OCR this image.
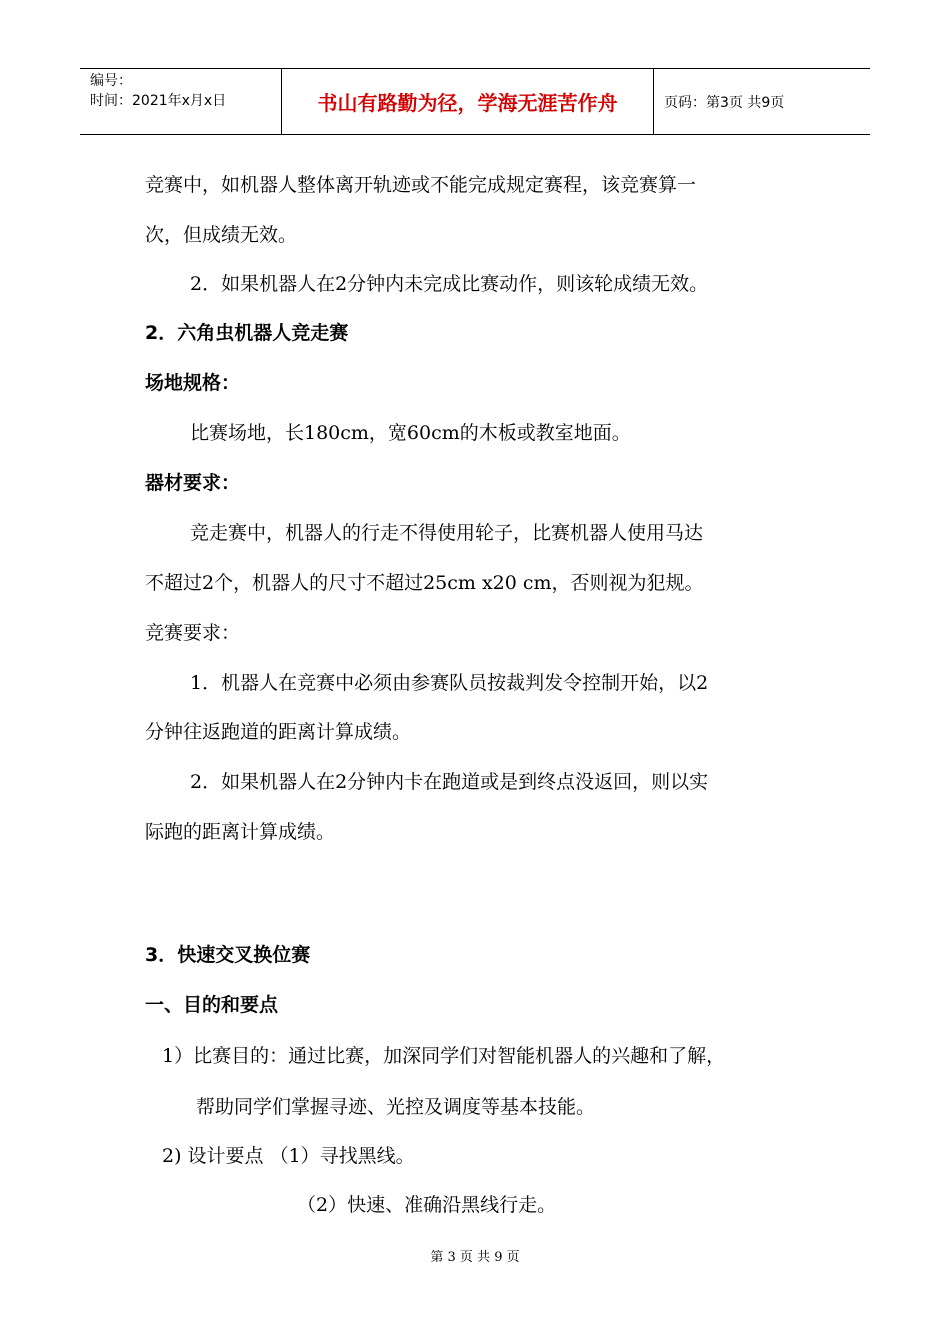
编号：
时间：2021年x月x日	书山有路勤为径，学海无涯苦作舟	页码：第3页 共9页
竞赛中，如机器人整体离开轨迹或不能完成规定赛程，该竞赛算一
次，但成绩无效。
2．如果机器人在2分钟内未完成比赛动作，则该轮成绩无效。
2．六角虫机器人竞走赛
场地规格：
比赛场地，长180cm，宽60cm的木板或教室地面。
器材要求：
竞走赛中，机器人的行走不得使用轮子，比赛机器人使用马达
不超过2个，机器人的尺寸不超过25cm x20 cm，否则视为犯规。
竞赛要求：
1．机器人在竞赛中必须由参赛队员按裁判发令控制开始，以2
分钟往返跑道的距离计算成绩。
2．如果机器人在2分钟内卡在跑道或是到终点没返回，则以实
际跑的距离计算成绩。
3．快速交叉换位赛
一、目的和要点
1）比赛目的：通过比赛，加深同学们对智能机器人的兴趣和了解，
帮助同学们掌握寻迹、光控及调度等基本技能。
2) 设计要点 （1）寻找黑线。
（2）快速、准确沿黑线行走。
第 3 页 共 9 页
